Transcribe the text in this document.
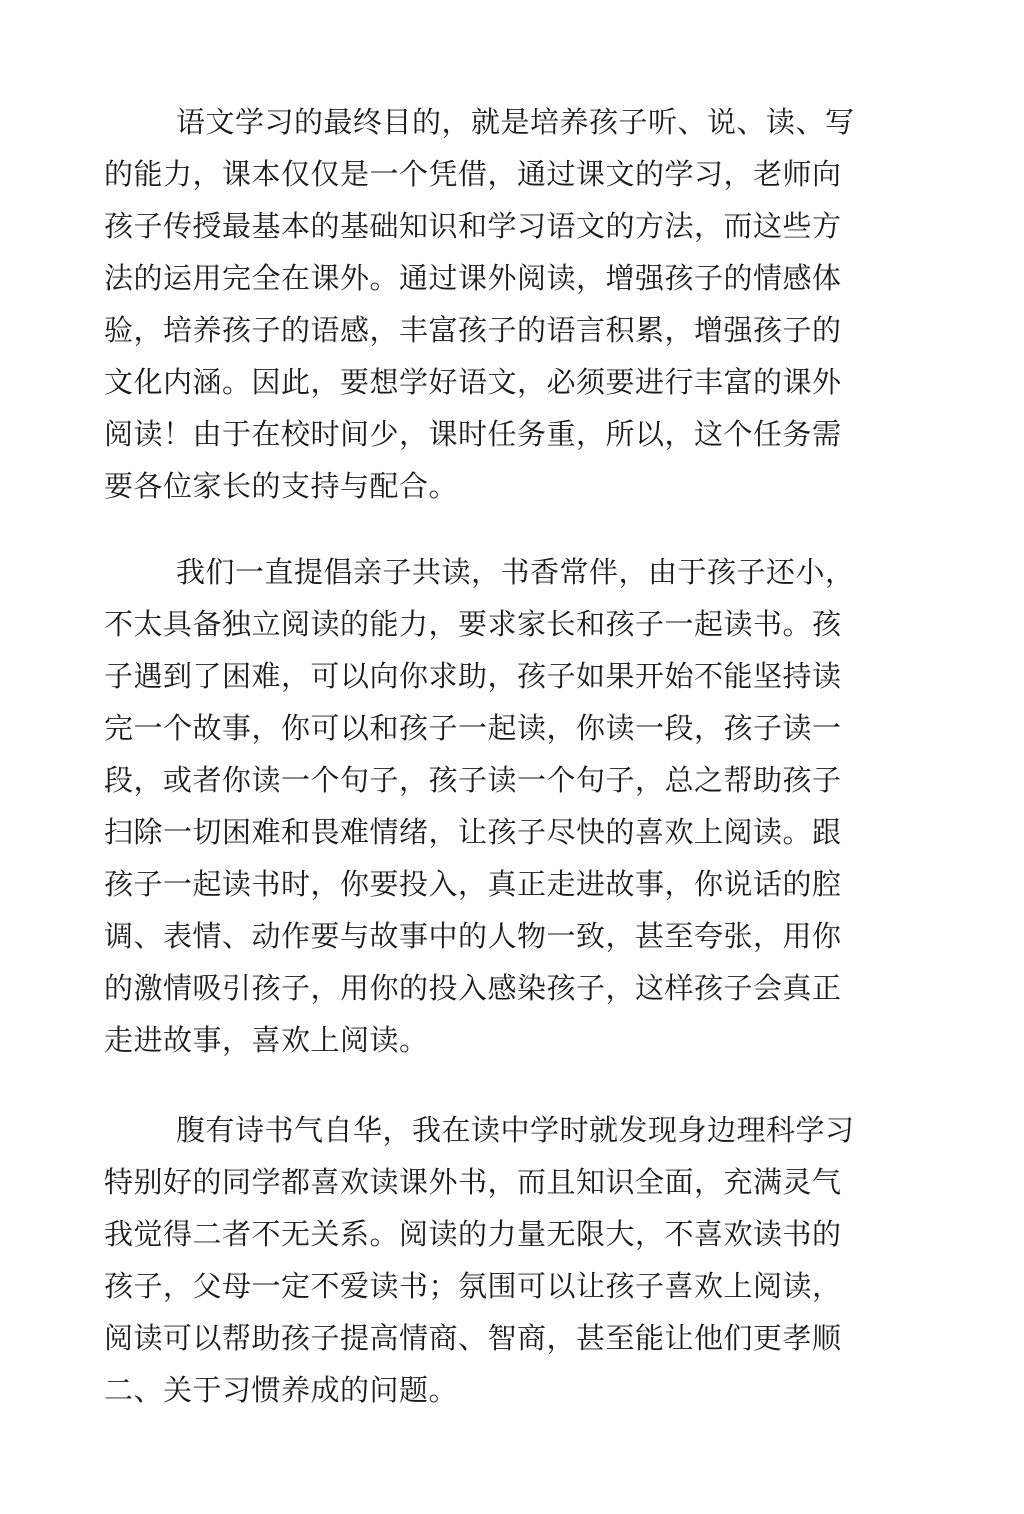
语文学习的最终目的，就是培养孩子听、说、读、写
的能力，课本仅仅是一个凭借，通过课文的学习，老师向
孩子传授最基本的基础知识和学习语文的方法，而这些方
法的运用完全在课外。通过课外阅读，增强孩子的情感体
验，培养孩子的语感，丰富孩子的语言积累，增强孩子的
文化内涵。因此，要想学好语文，必须要进行丰富的课外
阅读！由于在校时间少，课时任务重，所以，这个任务需
要各位家长的支持与配合。
我们一直提倡亲子共读，书香常伴，由于孩子还小，
不太具备独立阅读的能力，要求家长和孩子一起读书。孩
子遇到了困难，可以向你求助，孩子如果开始不能坚持读
完一个故事，你可以和孩子一起读，你读一段，孩子读一
段，或者你读一个句子，孩子读一个句子，总之帮助孩子
扫除一切困难和畏难情绪，让孩子尽快的喜欢上阅读。跟
孩子一起读书时，你要投入，真正走进故事，你说话的腔
调、表情、动作要与故事中的人物一致，甚至夸张，用你
的激情吸引孩子，用你的投入感染孩子，这样孩子会真正
走进故事，喜欢上阅读。
腹有诗书气自华，我在读中学时就发现身边理科学习
特别好的同学都喜欢读课外书，而且知识全面，充满灵气
我觉得二者不无关系。阅读的力量无限大，不喜欢读书的
孩子，父母一定不爱读书；氛围可以让孩子喜欢上阅读，
阅读可以帮助孩子提高情商、智商，甚至能让他们更孝顺
二、关于习惯养成的问题。
